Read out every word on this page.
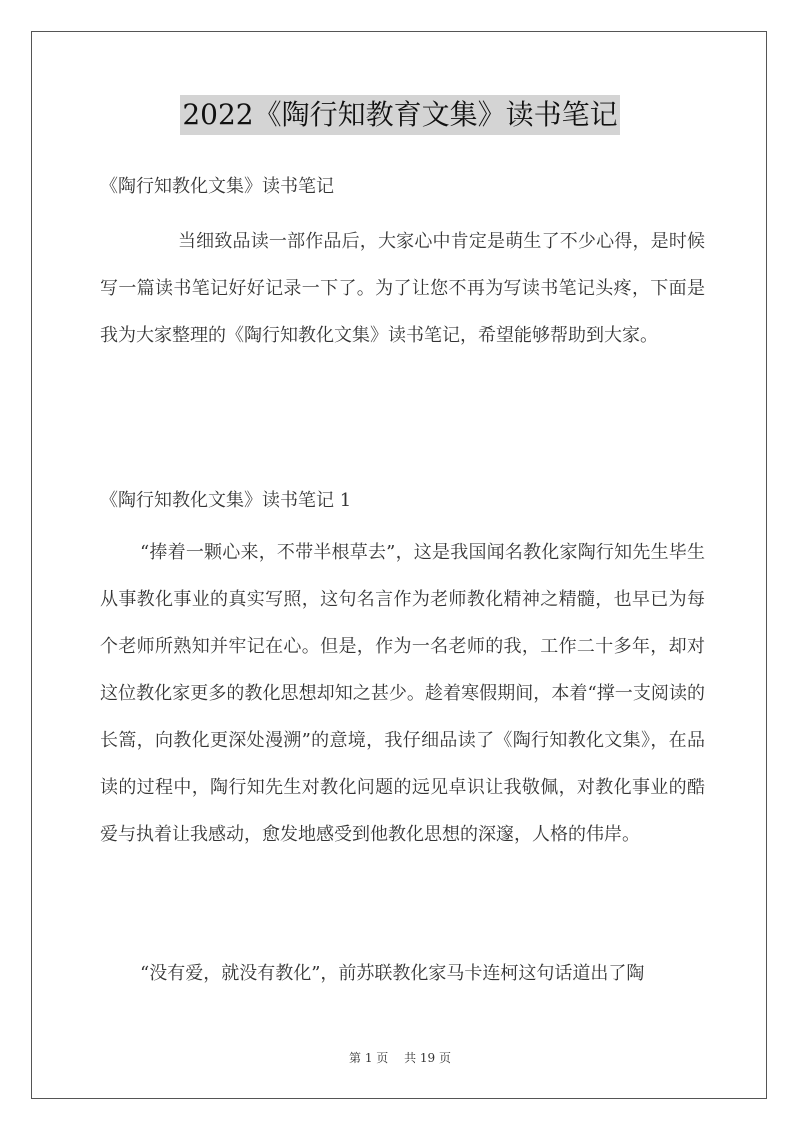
2022《陶行知教育文集》读书笔记
《陶行知教化文集》读书笔记

当细致品读一部作品后，大家心中肯定是萌生了不少心得，是时候写一篇读书笔记好好记录一下了。为了让您不再为写读书笔记头疼，下面是我为大家整理的《陶行知教化文集》读书笔记，希望能够帮助到大家。

《陶行知教化文集》读书笔记 1

“捧着一颗心来，不带半根草去”，这是我国闻名教化家陶行知先生毕生从事教化事业的真实写照，这句名言作为老师教化精神之精髓，也早已为每个老师所熟知并牢记在心。但是，作为一名老师的我，工作二十多年，却对这位教化家更多的教化思想却知之甚少。趁着寒假期间，本着“撑一支阅读的长篙，向教化更深处漫溯”的意境，我仔细品读了《陶行知教化文集》，在品读的过程中，陶行知先生对教化问题的远见卓识让我敬佩，对教化事业的酷爱与执着让我感动，愈发地感受到他教化思想的深邃，人格的伟岸。

“没有爱，就没有教化”，前苏联教化家马卡连柯这句话道出了陶

第 1 页 共 19 页
